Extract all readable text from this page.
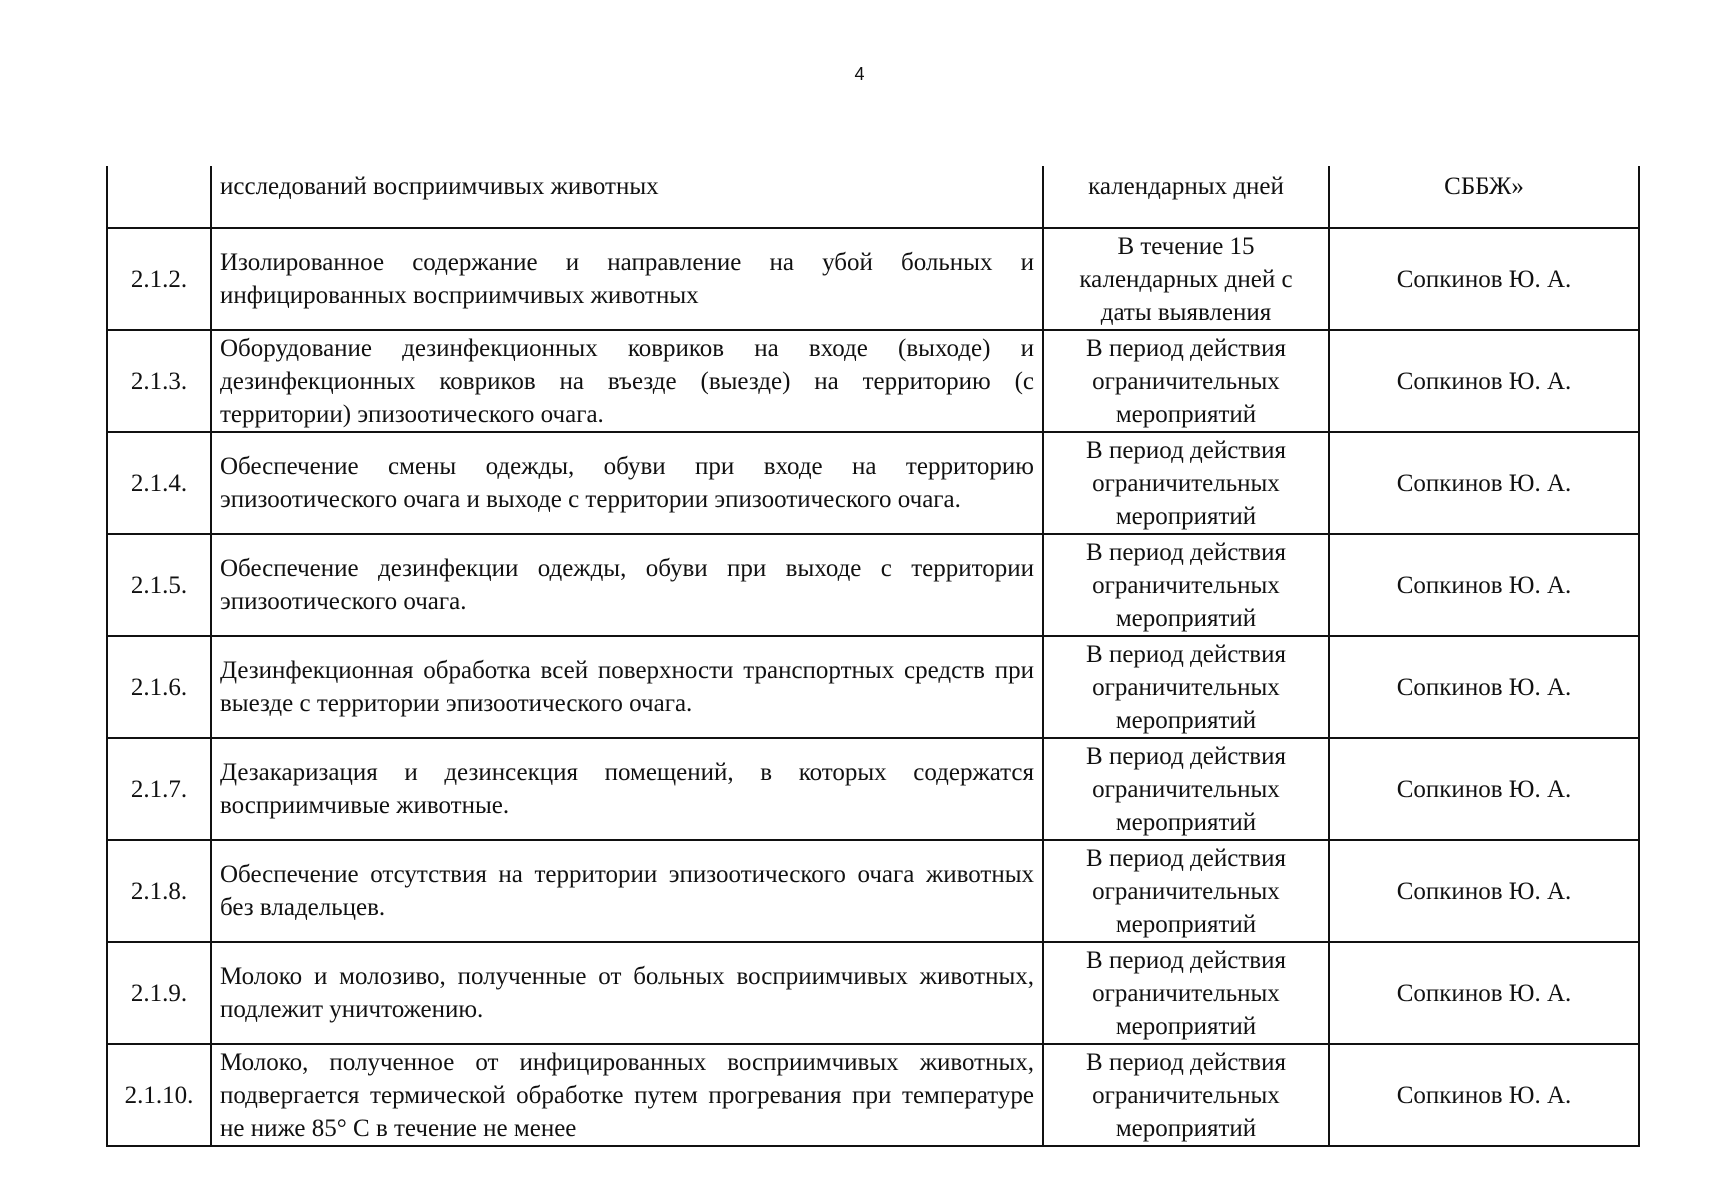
4
	исследований восприимчивых животных	календарных дней	СББЖ»
2.1.2.	Изолированное содержание и направление на убой больных и инфицированных восприимчивых животных	В течение 15 календарных дней с даты выявления	Сопкинов Ю. А.
2.1.3.	Оборудование дезинфекционных ковриков на входе (выходе) и дезинфекционных ковриков на въезде (выезде) на территорию (с территории) эпизоотического очага.	В период действия ограничительных мероприятий	Сопкинов Ю. А.
2.1.4.	Обеспечение смены одежды, обуви при входе на территорию эпизоотического очага и выходе с территории эпизоотического очага.	В период действия ограничительных мероприятий	Сопкинов Ю. А.
2.1.5.	Обеспечение дезинфекции одежды, обуви при выходе с территории эпизоотического очага.	В период действия ограничительных мероприятий	Сопкинов Ю. А.
2.1.6.	Дезинфекционная обработка всей поверхности транспортных средств при выезде с территории эпизоотического очага.	В период действия ограничительных мероприятий	Сопкинов Ю. А.
2.1.7.	Дезакаризация и дезинсекция помещений, в которых содержатся восприимчивые животные.	В период действия ограничительных мероприятий	Сопкинов Ю. А.
2.1.8.	Обеспечение отсутствия на территории эпизоотического очага животных без владельцев.	В период действия ограничительных мероприятий	Сопкинов Ю. А.
2.1.9.	Молоко и молозиво, полученные от больных восприимчивых животных, подлежит уничтожению.	В период действия ограничительных мероприятий	Сопкинов Ю. А.
2.1.10.	Молоко, полученное от инфицированных восприимчивых животных, подвергается термической обработке путем прогревания при температуре не ниже 85° С в течение не менее	В период действия ограничительных мероприятий	Сопкинов Ю. А.
